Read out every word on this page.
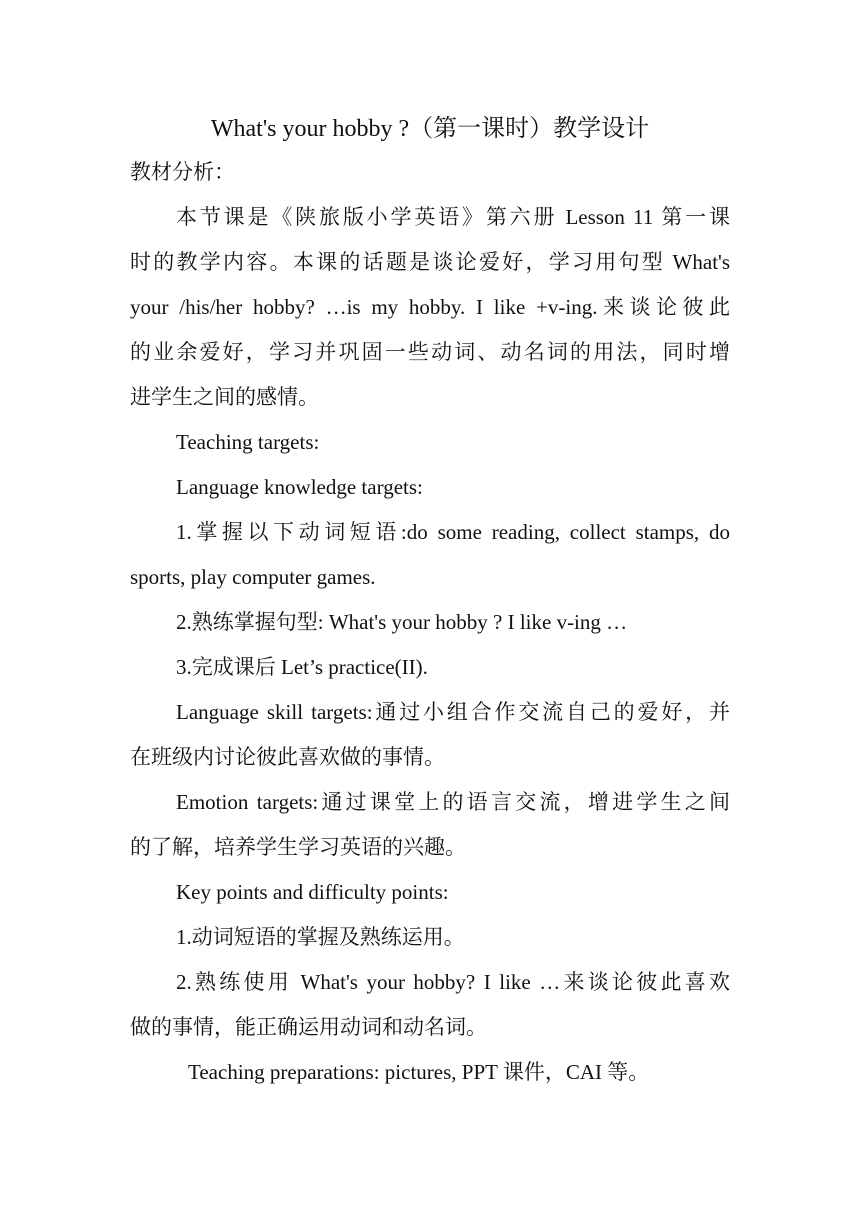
What's your hobby ?（第一课时）教学设计
教材分析：
本节课是《陕旅版小学英语》第六册 Lesson 11 第一课
时的教学内容。本课的话题是谈论爱好，学习用句型 What's
your /his/her hobby? …is my hobby. I like +v-ing.来谈论彼此
的业余爱好，学习并巩固一些动词、动名词的用法，同时增
进学生之间的感情。
Teaching targets:
Language knowledge targets:
1.掌握以下动词短语:do some reading, collect stamps, do
sports, play computer games.
2.熟练掌握句型: What's your hobby ? I like v-ing …
3.完成课后 Let’s practice(II).
Language skill targets:通过小组合作交流自己的爱好，并
在班级内讨论彼此喜欢做的事情。
Emotion targets:通过课堂上的语言交流，增进学生之间
的了解，培养学生学习英语的兴趣。
Key points and difficulty points:
1.动词短语的掌握及熟练运用。
2.熟练使用 What's your hobby? I like …来谈论彼此喜欢
做的事情，能正确运用动词和动名词。
Teaching preparations: pictures, PPT 课件，CAI 等。
